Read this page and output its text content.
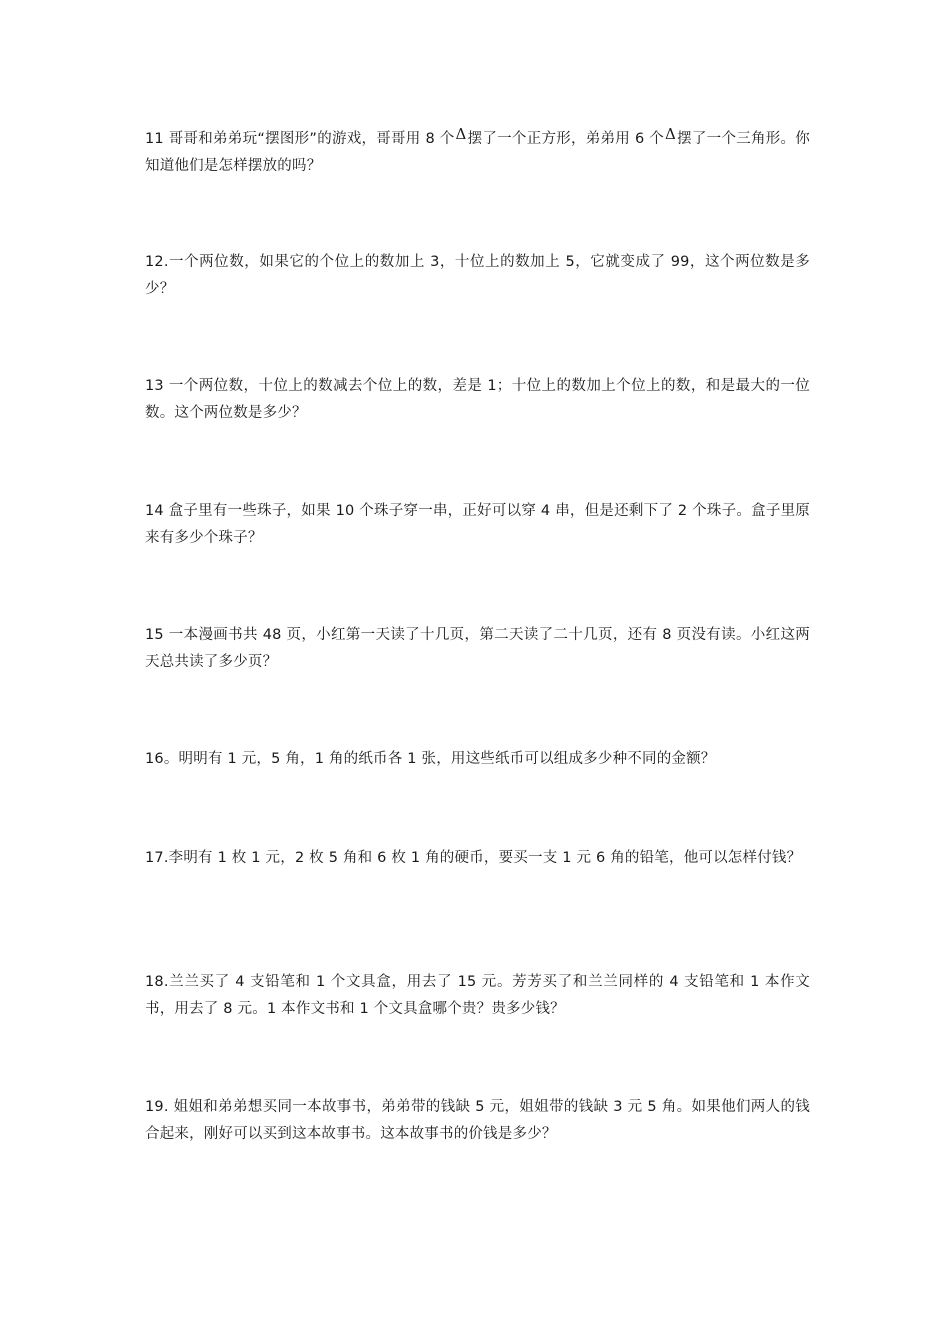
11 哥哥和弟弟玩“摆图形”的游戏，哥哥用 8 个Δ摆了一个正方形，弟弟用 6 个Δ摆了一个三角形。你知道他们是怎样摆放的吗？

12.一个两位数，如果它的个位上的数加上 3，十位上的数加上 5，它就变成了 99，这个两位数是多少？

13 一个两位数，十位上的数减去个位上的数，差是 1；十位上的数加上个位上的数，和是最大的一位数。这个两位数是多少？

14 盒子里有一些珠子，如果 10 个珠子穿一串，正好可以穿 4 串，但是还剩下了 2 个珠子。盒子里原来有多少个珠子？

15 一本漫画书共 48 页，小红第一天读了十几页，第二天读了二十几页，还有 8 页没有读。小红这两天总共读了多少页？

16。明明有 1 元，5 角，1 角的纸币各 1 张，用这些纸币可以组成多少种不同的金额？

17.李明有 1 枚 1 元，2 枚 5 角和 6 枚 1 角的硬币，要买一支 1 元 6 角的铅笔，他可以怎样付钱？

18.兰兰买了 4 支铅笔和 1 个文具盒，用去了 15 元。芳芳买了和兰兰同样的 4 支铅笔和 1 本作文书，用去了 8 元。1 本作文书和 1 个文具盒哪个贵？贵多少钱？

19. 姐姐和弟弟想买同一本故事书，弟弟带的钱缺 5 元，姐姐带的钱缺 3 元 5 角。如果他们两人的钱合起来，刚好可以买到这本故事书。这本故事书的价钱是多少？
